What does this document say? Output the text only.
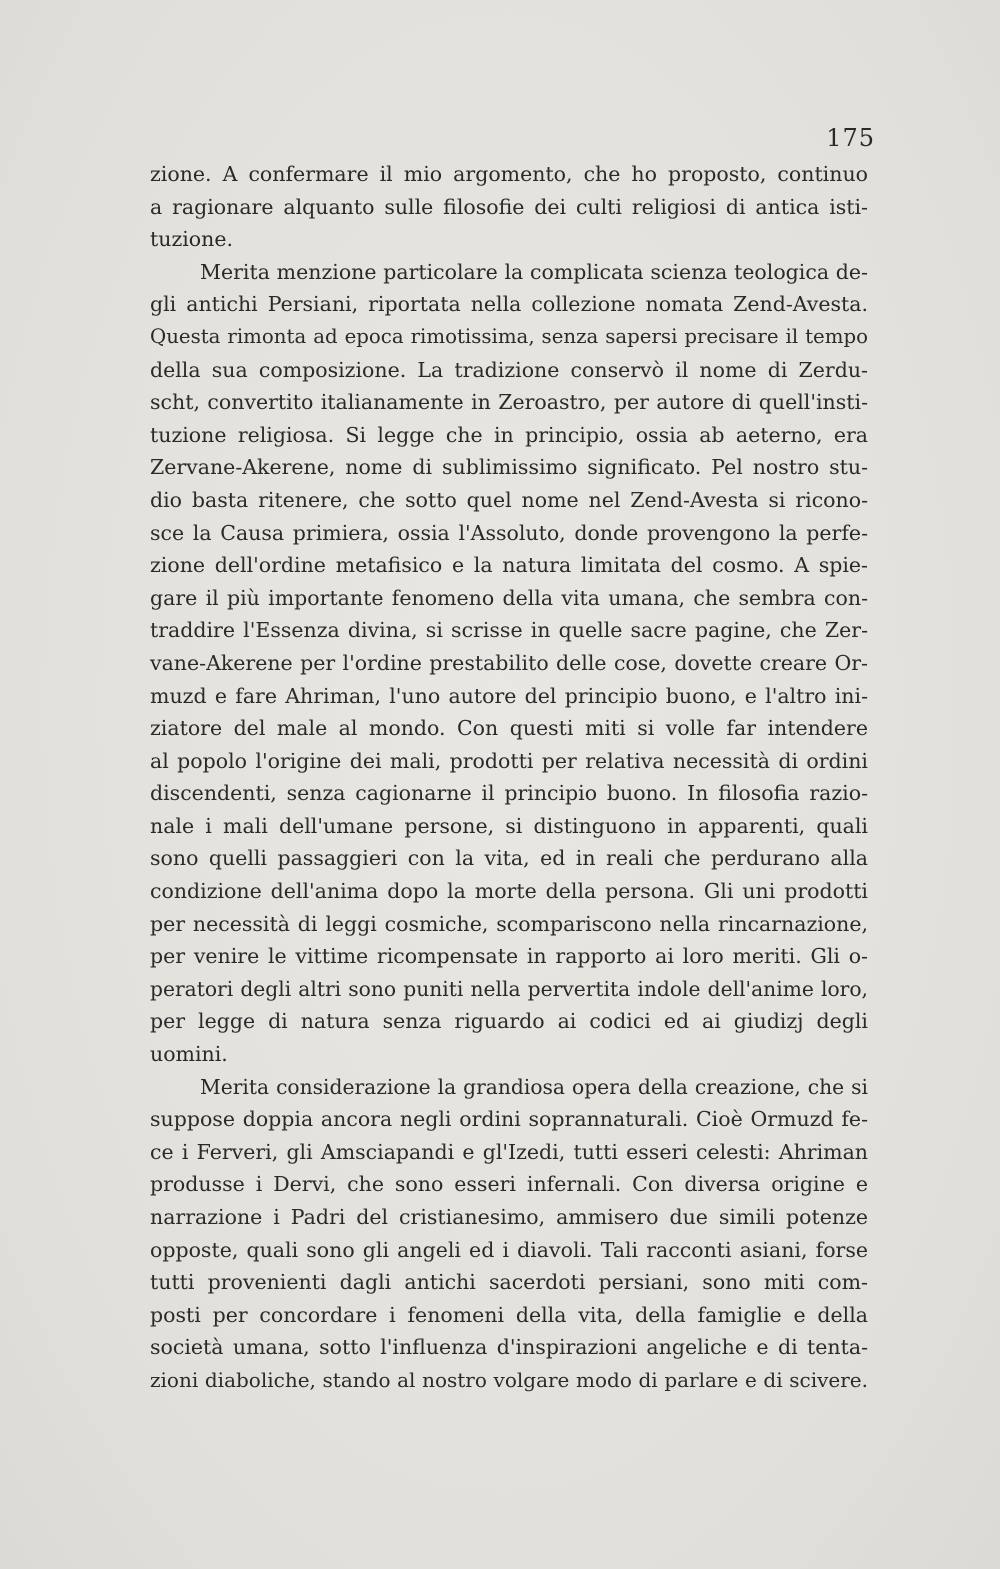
175
zione. A confermare il mio argomento, che ho proposto, continuo
a ragionare alquanto sulle filosofie dei culti religiosi di antica isti-
tuzione.
Merita menzione particolare la complicata scienza teologica de-
gli antichi Persiani, riportata nella collezione nomata Zend-Avesta.
Questa rimonta ad epoca rimotissima, senza sapersi precisare il tempo
della sua composizione. La tradizione conservò il nome di Zerdu-
scht, convertito italianamente in Zeroastro, per autore di quell'insti-
tuzione religiosa. Si legge che in principio, ossia ab aeterno, era
Zervane-Akerene, nome di sublimissimo significato. Pel nostro stu-
dio basta ritenere, che sotto quel nome nel Zend-Avesta si ricono-
sce la Causa primiera, ossia l'Assoluto, donde provengono la perfe-
zione dell'ordine metafisico e la natura limitata del cosmo. A spie-
gare il più importante fenomeno della vita umana, che sembra con-
traddire l'Essenza divina, si scrisse in quelle sacre pagine, che Zer-
vane-Akerene per l'ordine prestabilito delle cose, dovette creare Or-
muzd e fare Ahriman, l'uno autore del principio buono, e l'altro ini-
ziatore del male al mondo. Con questi miti si volle far intendere
al popolo l'origine dei mali, prodotti per relativa necessità di ordini
discendenti, senza cagionarne il principio buono. In filosofia razio-
nale i mali dell'umane persone, si distinguono in apparenti, quali
sono quelli passaggieri con la vita, ed in reali che perdurano alla
condizione dell'anima dopo la morte della persona. Gli uni prodotti
per necessità di leggi cosmiche, scompariscono nella rincarnazione,
per venire le vittime ricompensate in rapporto ai loro meriti. Gli o-
peratori degli altri sono puniti nella pervertita indole dell'anime loro,
per legge di natura senza riguardo ai codici ed ai giudizj degli
uomini.
Merita considerazione la grandiosa opera della creazione, che si
suppose doppia ancora negli ordini soprannaturali. Cioè Ormuzd fe-
ce i Ferveri, gli Amsciapandi e gl'Izedi, tutti esseri celesti: Ahriman
produsse i Dervi, che sono esseri infernali. Con diversa origine e
narrazione i Padri del cristianesimo, ammisero due simili potenze
opposte, quali sono gli angeli ed i diavoli. Tali racconti asiani, forse
tutti provenienti dagli antichi sacerdoti persiani, sono miti com-
posti per concordare i fenomeni della vita, della famiglie e della
società umana, sotto l'influenza d'inspirazioni angeliche e di tenta-
zioni diaboliche, stando al nostro volgare modo di parlare e di scivere.
